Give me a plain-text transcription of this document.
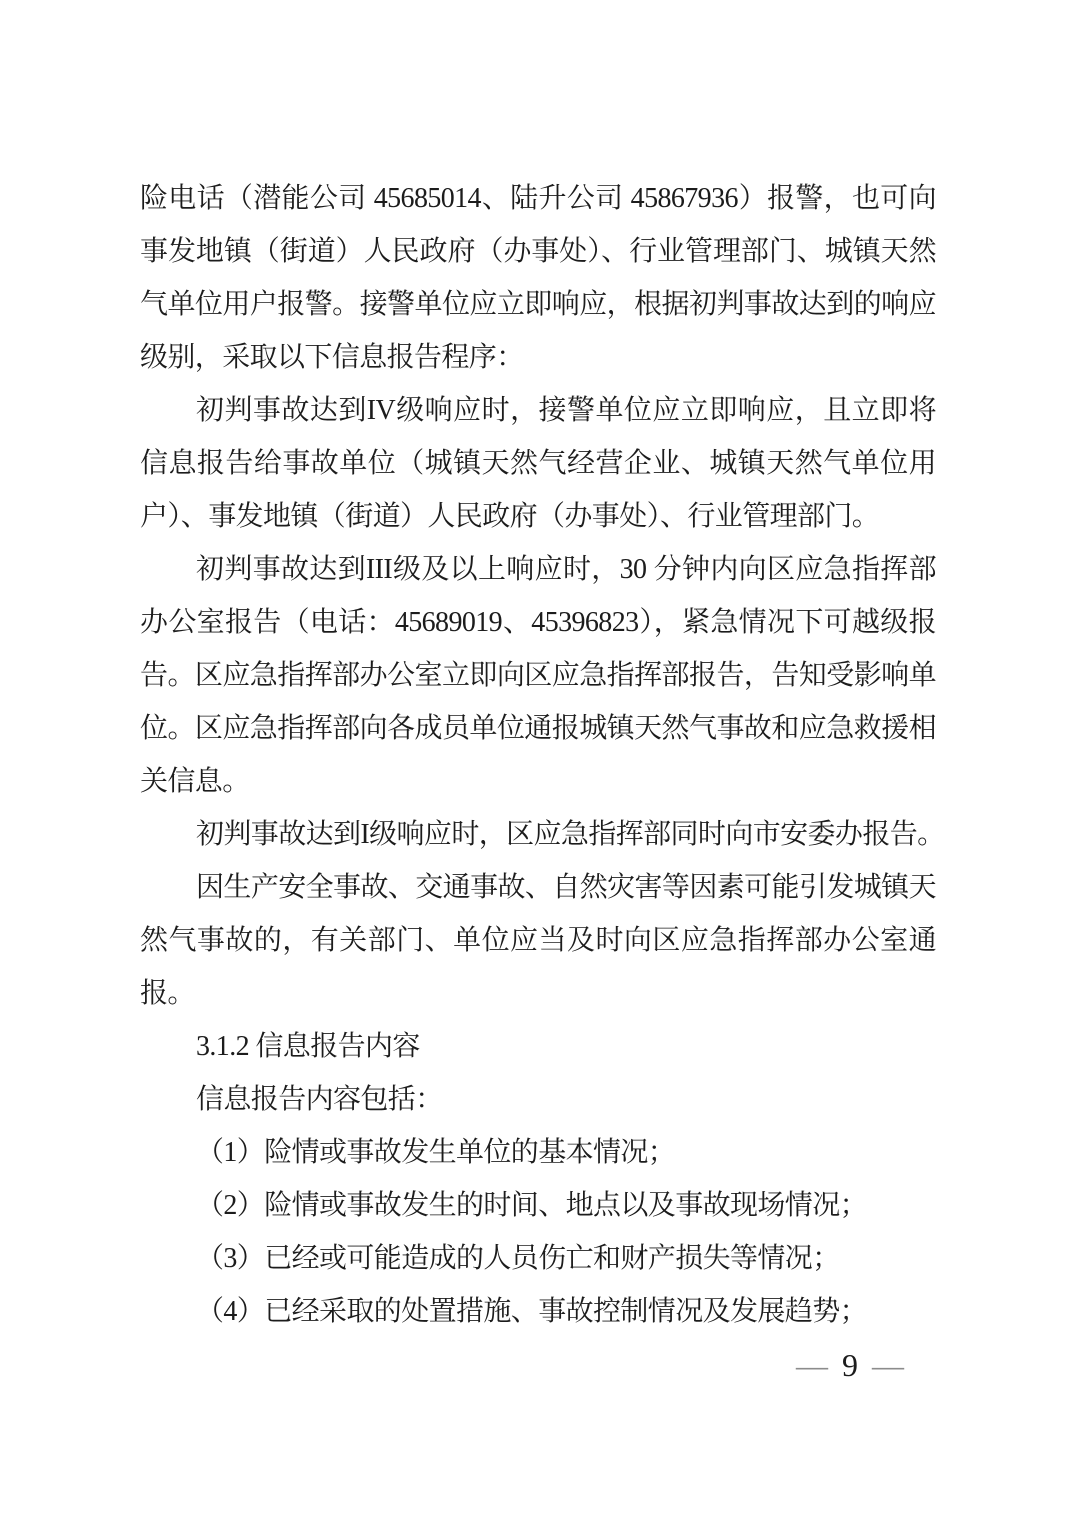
险电话（潜能公司 45685014、陆升公司 45867936）报警，也可向事发地镇（街道）人民政府（办事处）、行业管理部门、城镇天然气单位用户报警。接警单位应立即响应，根据初判事故达到的响应级别，采取以下信息报告程序：

初判事故达到IV级响应时，接警单位应立即响应，且立即将信息报告给事故单位（城镇天然气经营企业、城镇天然气单位用户）、事发地镇（街道）人民政府（办事处）、行业管理部门。

初判事故达到III级及以上响应时，30 分钟内向区应急指挥部办公室报告（电话：45689019、45396823），紧急情况下可越级报告。区应急指挥部办公室立即向区应急指挥部报告，告知受影响单位。区应急指挥部向各成员单位通报城镇天然气事故和应急救援相关信息。

初判事故达到I级响应时，区应急指挥部同时向市安委办报告。

因生产安全事故、交通事故、自然灾害等因素可能引发城镇天然气事故的，有关部门、单位应当及时向区应急指挥部办公室通报。

3.1.2 信息报告内容

信息报告内容包括：

（1）险情或事故发生单位的基本情况；

（2）险情或事故发生的时间、地点以及事故现场情况；

（3）已经或可能造成的人员伤亡和财产损失等情况；

（4）已经采取的处置措施、事故控制情况及发展趋势；

— 9 —
